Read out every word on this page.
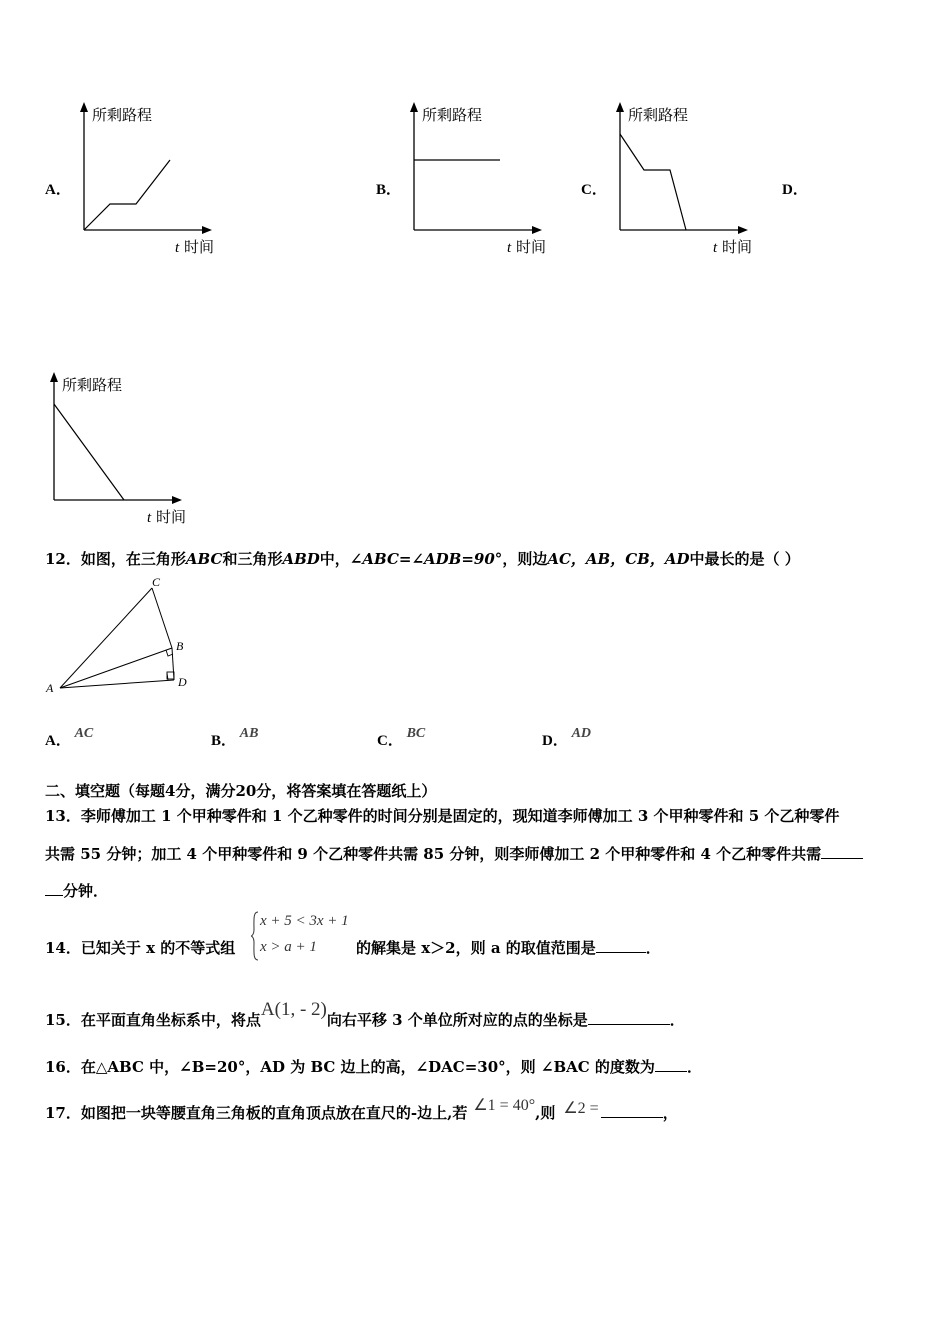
A．
所剩路程
t 时间
B．
所剩路程
t 时间
C．
所剩路程
t 时间
D．
所剩路程
t 时间
12．如图，在三角形ABC和三角形ABD中，∠ABC=∠ADB=90°，则边AC，AB，CB，AD中最长的是（ ）
C
B
A	D
A． AC	B． AB	C． BC	D． AD
二、填空题（每题4分，满分20分，将答案填在答题纸上）
13．李师傅加工 1 个甲种零件和 1 个乙种零件的时间分别是固定的，现知道李师傅加工 3 个甲种零件和 5 个乙种零件
共需 55 分钟；加工 4 个甲种零件和 9 个乙种零件共需 85 分钟，则李师傅加工 2 个甲种零件和 4 个乙种零件共需
分钟．
14．已知关于 x 的不等式组
x + 5 < 3x + 1
x > a + 1	的解集是 x＞2，则 a 的取值范围是	．
15．在平面直角坐标系中，将点A(1, - 2)向右平移 3 个单位所对应的点的坐标是	．
16．在△ABC 中，∠B=20°，AD 为 BC 边上的高，∠DAC=30°，则 ∠BAC 的度数为 ．
17．如图把一块等腰直角三角板的直角顶点放在直尺的-边上,若 ∠1 = 40°,则 ∠2 =	，
